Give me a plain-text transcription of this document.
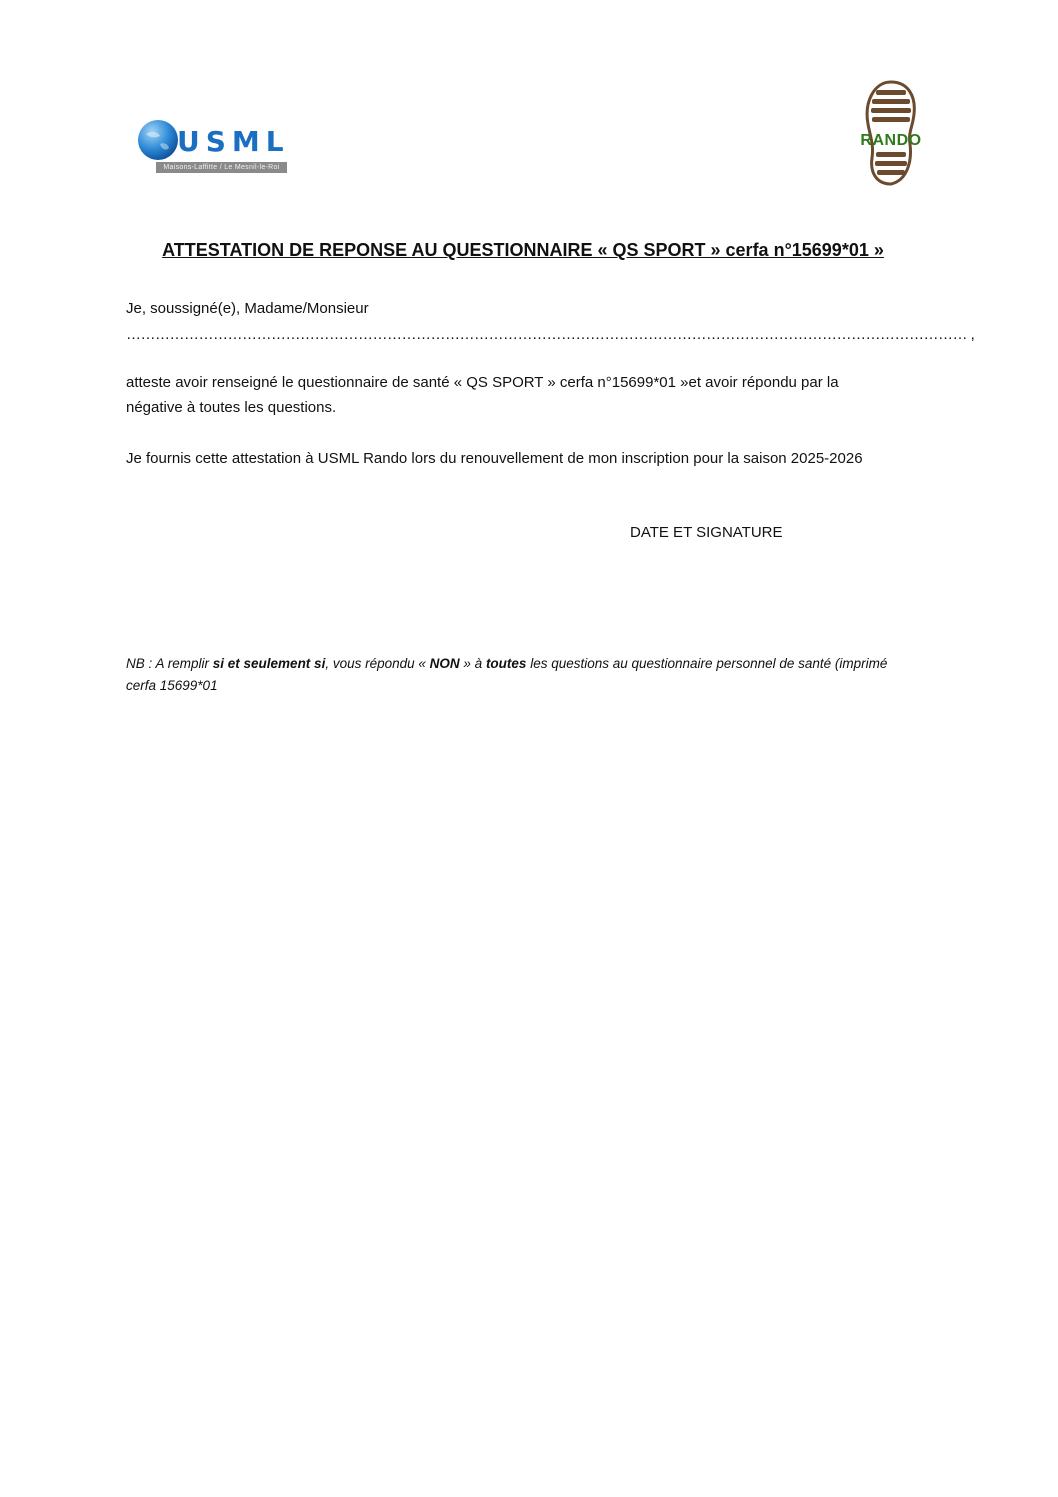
USML
Maisons-Laffitte / Le Mesnil-le-Roi
RANDO
ATTESTATION DE REPONSE AU QUESTIONNAIRE « QS SPORT » cerfa n°15699*01 »
Je, soussigné(e), Madame/Monsieur
………………………………………………………………………………………………………………………………………………………… ,
atteste avoir renseigné le questionnaire de santé « QS SPORT » cerfa n°15699*01 »et avoir répondu par la
négative à toutes les questions.
Je fournis cette attestation à USML Rando lors du renouvellement de mon inscription pour la saison 2025-2026
DATE ET SIGNATURE
NB : A remplir si et seulement si, vous répondu « NON » à toutes les questions au questionnaire personnel de santé (imprimé cerfa 15699*01
